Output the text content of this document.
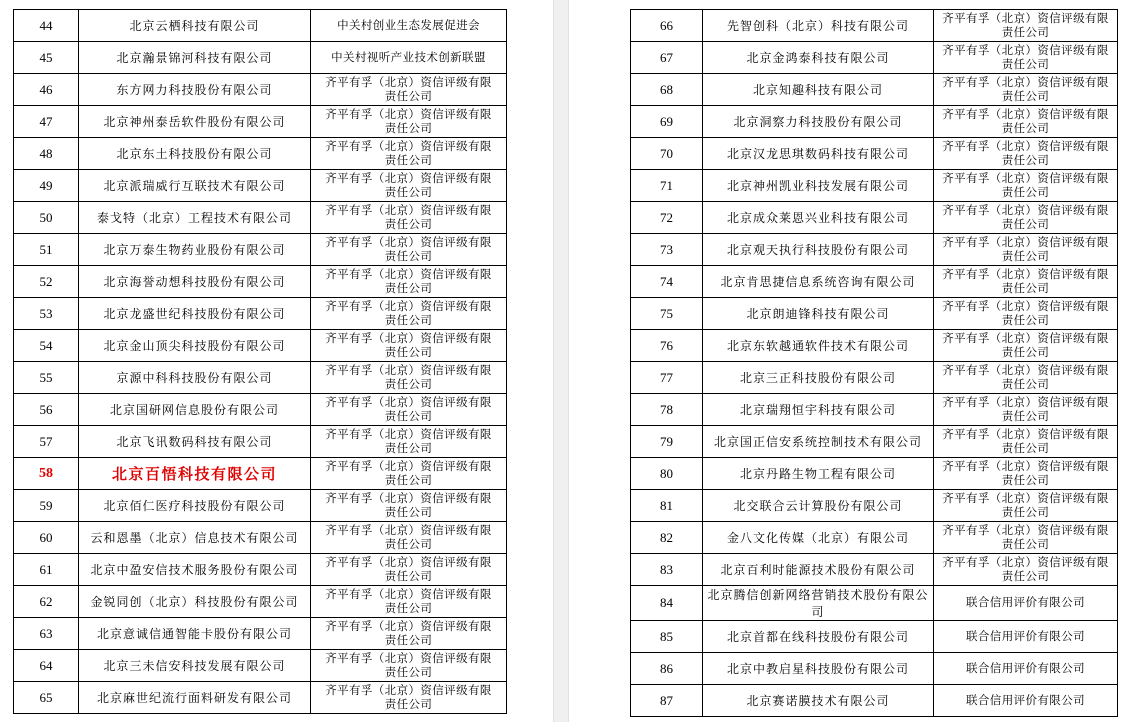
44	北京云栖科技有限公司	中关村创业生态发展促进会
45	北京瀚景锦河科技有限公司	中关村视听产业技术创新联盟
46	东方网力科技股份有限公司	齐平有孚（北京）资信评级有限
责任公司
47	北京神州泰岳软件股份有限公司	齐平有孚（北京）资信评级有限
责任公司
48	北京东土科技股份有限公司	齐平有孚（北京）资信评级有限
责任公司
49	北京派瑞威行互联技术有限公司	齐平有孚（北京）资信评级有限
责任公司
50	泰戈特（北京）工程技术有限公司	齐平有孚（北京）资信评级有限
责任公司
51	北京万泰生物药业股份有限公司	齐平有孚（北京）资信评级有限
责任公司
52	北京海誉动想科技股份有限公司	齐平有孚（北京）资信评级有限
责任公司
53	北京龙盛世纪科技股份有限公司	齐平有孚（北京）资信评级有限
责任公司
54	北京金山顶尖科技股份有限公司	齐平有孚（北京）资信评级有限
责任公司
55	京源中科科技股份有限公司	齐平有孚（北京）资信评级有限
责任公司
56	北京国研网信息股份有限公司	齐平有孚（北京）资信评级有限
责任公司
57	北京飞讯数码科技有限公司	齐平有孚（北京）资信评级有限
责任公司
58	北京百悟科技有限公司	齐平有孚（北京）资信评级有限
责任公司
59	北京佰仁医疗科技股份有限公司	齐平有孚（北京）资信评级有限
责任公司
60	云和恩墨（北京）信息技术有限公司	齐平有孚（北京）资信评级有限
责任公司
61	北京中盈安信技术服务股份有限公司	齐平有孚（北京）资信评级有限
责任公司
62	金锐同创（北京）科技股份有限公司	齐平有孚（北京）资信评级有限
责任公司
63	北京意诚信通智能卡股份有限公司	齐平有孚（北京）资信评级有限
责任公司
64	北京三未信安科技发展有限公司	齐平有孚（北京）资信评级有限
责任公司
65	北京麻世纪流行面料研发有限公司	齐平有孚（北京）资信评级有限
责任公司
66	先智创科（北京）科技有限公司	齐平有孚（北京）资信评级有限
责任公司
67	北京金鸿泰科技有限公司	齐平有孚（北京）资信评级有限
责任公司
68	北京知趣科技有限公司	齐平有孚（北京）资信评级有限
责任公司
69	北京洞察力科技股份有限公司	齐平有孚（北京）资信评级有限
责任公司
70	北京汉龙思琪数码科技有限公司	齐平有孚（北京）资信评级有限
责任公司
71	北京神州凯业科技发展有限公司	齐平有孚（北京）资信评级有限
责任公司
72	北京成众莱恩兴业科技有限公司	齐平有孚（北京）资信评级有限
责任公司
73	北京观天执行科技股份有限公司	齐平有孚（北京）资信评级有限
责任公司
74	北京肯思捷信息系统咨询有限公司	齐平有孚（北京）资信评级有限
责任公司
75	北京朗迪锋科技有限公司	齐平有孚（北京）资信评级有限
责任公司
76	北京东软越通软件技术有限公司	齐平有孚（北京）资信评级有限
责任公司
77	北京三正科技股份有限公司	齐平有孚（北京）资信评级有限
责任公司
78	北京瑞翔恒宇科技有限公司	齐平有孚（北京）资信评级有限
责任公司
79	北京国正信安系统控制技术有限公司	齐平有孚（北京）资信评级有限
责任公司
80	北京丹路生物工程有限公司	齐平有孚（北京）资信评级有限
责任公司
81	北交联合云计算股份有限公司	齐平有孚（北京）资信评级有限
责任公司
82	金八文化传媒（北京）有限公司	齐平有孚（北京）资信评级有限
责任公司
83	北京百利时能源技术股份有限公司	齐平有孚（北京）资信评级有限
责任公司
84	北京腾信创新网络营销技术股份有限公司	联合信用评价有限公司
85	北京首都在线科技股份有限公司	联合信用评价有限公司
86	北京中教启星科技股份有限公司	联合信用评价有限公司
87	北京赛诺膜技术有限公司	联合信用评价有限公司
